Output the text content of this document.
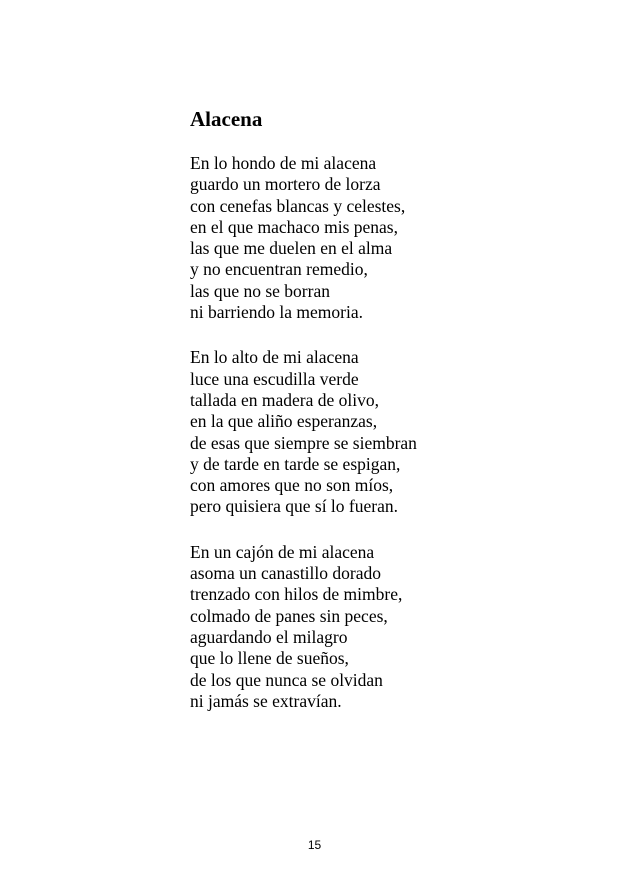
Alacena
En lo hondo de mi alacena
guardo un mortero de lorza
con cenefas blancas y celestes,
en el que machaco mis penas,
las que me duelen en el alma
y no encuentran remedio,
las que no se borran
ni barriendo la memoria.
En lo alto de mi alacena
luce una escudilla verde
tallada en madera de olivo,
en la que aliño esperanzas,
de esas que siempre se siembran
y de tarde en tarde se espigan,
con amores que no son míos,
pero quisiera que sí lo fueran.
En un cajón de mi alacena
asoma un canastillo dorado
trenzado con hilos de mimbre,
colmado de panes sin peces,
aguardando el milagro
que lo llene de sueños,
de los que nunca se olvidan
ni jamás se extravían.
15
